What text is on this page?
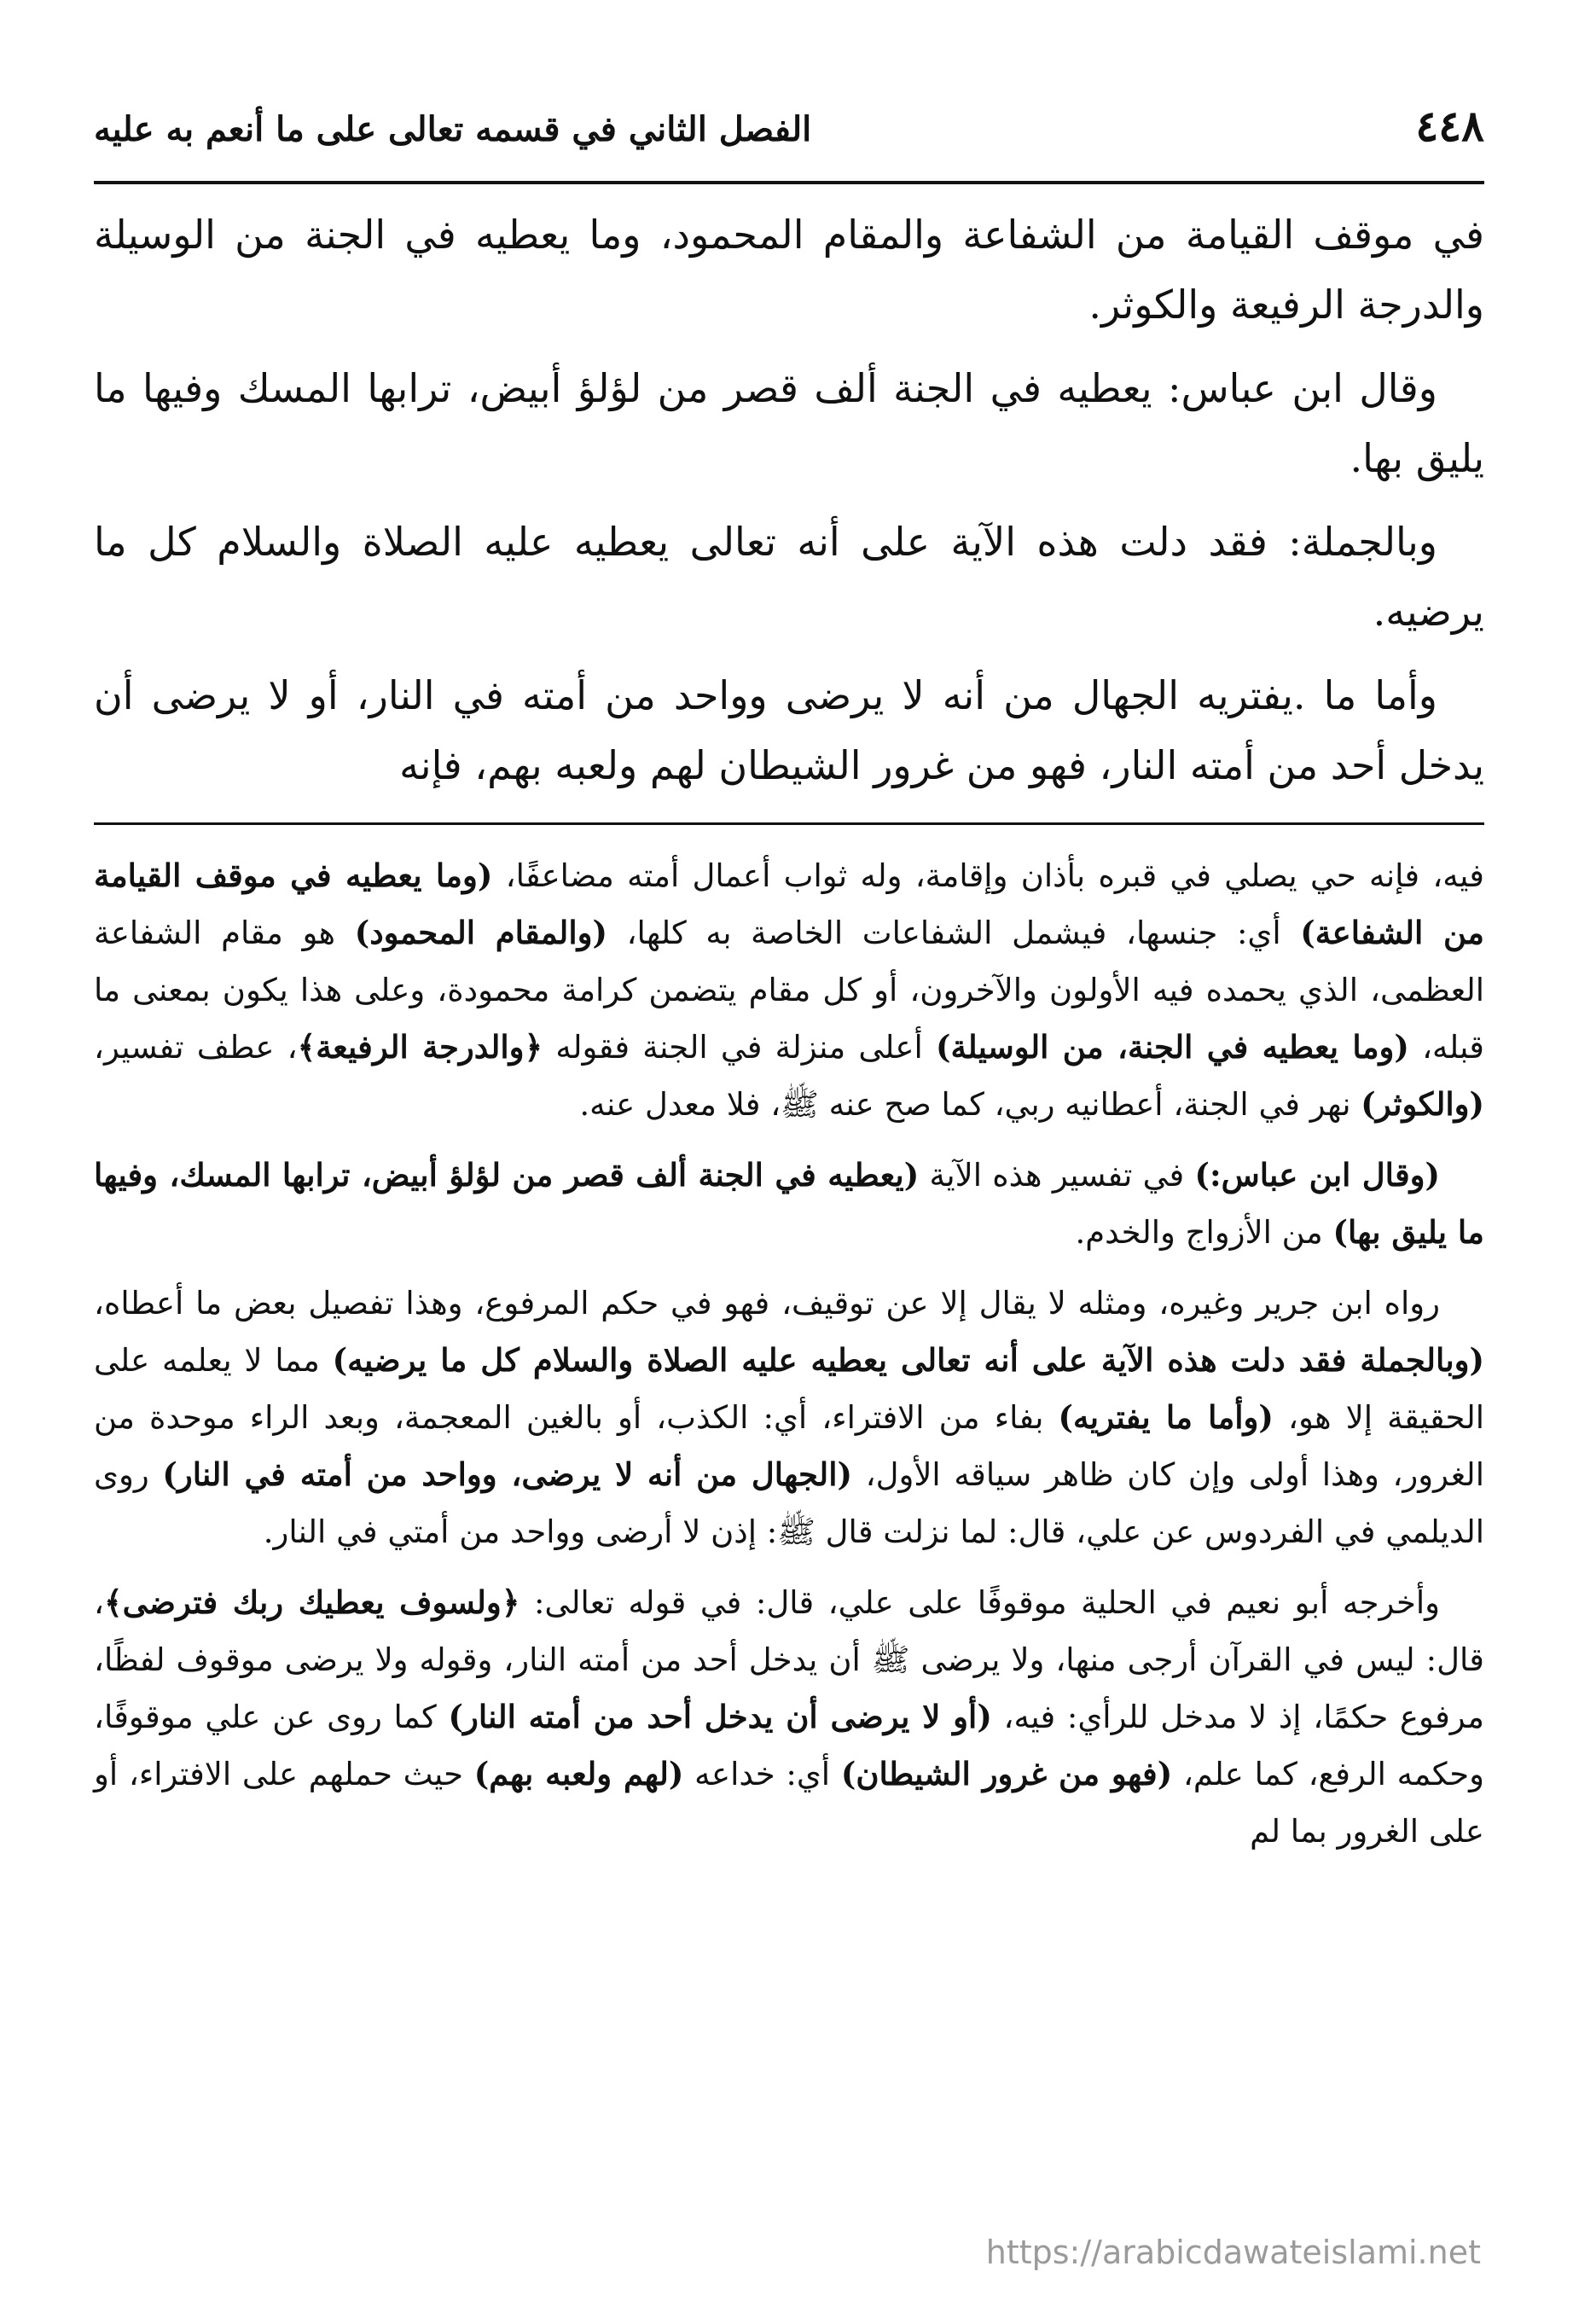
٤٤٨
الفصل الثاني في قسمه تعالى على ما أنعم به عليه

في موقف القيامة من الشفاعة والمقام المحمود، وما يعطيه في الجنة من الوسيلة والدرجة الرفيعة والكوثر.

وقال ابن عباس: يعطيه في الجنة ألف قصر من لؤلؤ أبيض، ترابها المسك وفيها ما يليق بها.

وبالجملة: فقد دلت هذه الآية على أنه تعالى يعطيه عليه الصلاة والسلام كل ما يرضيه.

وأما ما .يفتريه الجهال من أنه لا يرضى وواحد من أمته في النار، أو لا يرضى أن يدخل أحد من أمته النار، فهو من غرور الشيطان لهم ولعبه بهم، فإنه

فيه، فإنه حي يصلي في قبره بأذان وإقامة، وله ثواب أعمال أمته مضاعفًا، (وما يعطيه في موقف القيامة من الشفاعة) أي: جنسها، فيشمل الشفاعات الخاصة به كلها، (والمقام المحمود) هو مقام الشفاعة العظمى، الذي يحمده فيه الأولون والآخرون، أو كل مقام يتضمن كرامة محمودة، وعلى هذا يكون بمعنى ما قبله، (وما يعطيه في الجنة، من الوسيلة) أعلى منزلة في الجنة فقوله ﴿والدرجة الرفيعة﴾، عطف تفسير، (والكوثر) نهر في الجنة، أعطانيه ربي، كما صح عنه ﷺ، فلا معدل عنه.

(وقال ابن عباس:) في تفسير هذه الآية (يعطيه في الجنة ألف قصر من لؤلؤ أبيض، ترابها المسك، وفيها ما يليق بها) من الأزواج والخدم.

رواه ابن جرير وغيره، ومثله لا يقال إلا عن توقيف، فهو في حكم المرفوع، وهذا تفصيل بعض ما أعطاه، (وبالجملة فقد دلت هذه الآية على أنه تعالى يعطيه عليه الصلاة والسلام كل ما يرضيه) مما لا يعلمه على الحقيقة إلا هو، (وأما ما يفتريه) بفاء من الافتراء، أي: الكذب، أو بالغين المعجمة، وبعد الراء موحدة من الغرور، وهذا أولى وإن كان ظاهر سياقه الأول، (الجهال من أنه لا يرضى، وواحد من أمته في النار) روى الديلمي في الفردوس عن علي، قال: لما نزلت قال ﷺ: إذن لا أرضى وواحد من أمتي في النار.

وأخرجه أبو نعيم في الحلية موقوفًا على علي، قال: في قوله تعالى: ﴿ولسوف يعطيك ربك فترضى﴾، قال: ليس في القرآن أرجى منها، ولا يرضى ﷺ أن يدخل أحد من أمته النار، وقوله ولا يرضى موقوف لفظًا، مرفوع حكمًا، إذ لا مدخل للرأي: فيه، (أو لا يرضى أن يدخل أحد من أمته النار) كما روى عن علي موقوفًا، وحكمه الرفع، كما علم، (فهو من غرور الشيطان) أي: خداعه (لهم ولعبه بهم) حيث حملهم على الافتراء، أو على الغرور بما لم

https://arabicdawateislami.net
